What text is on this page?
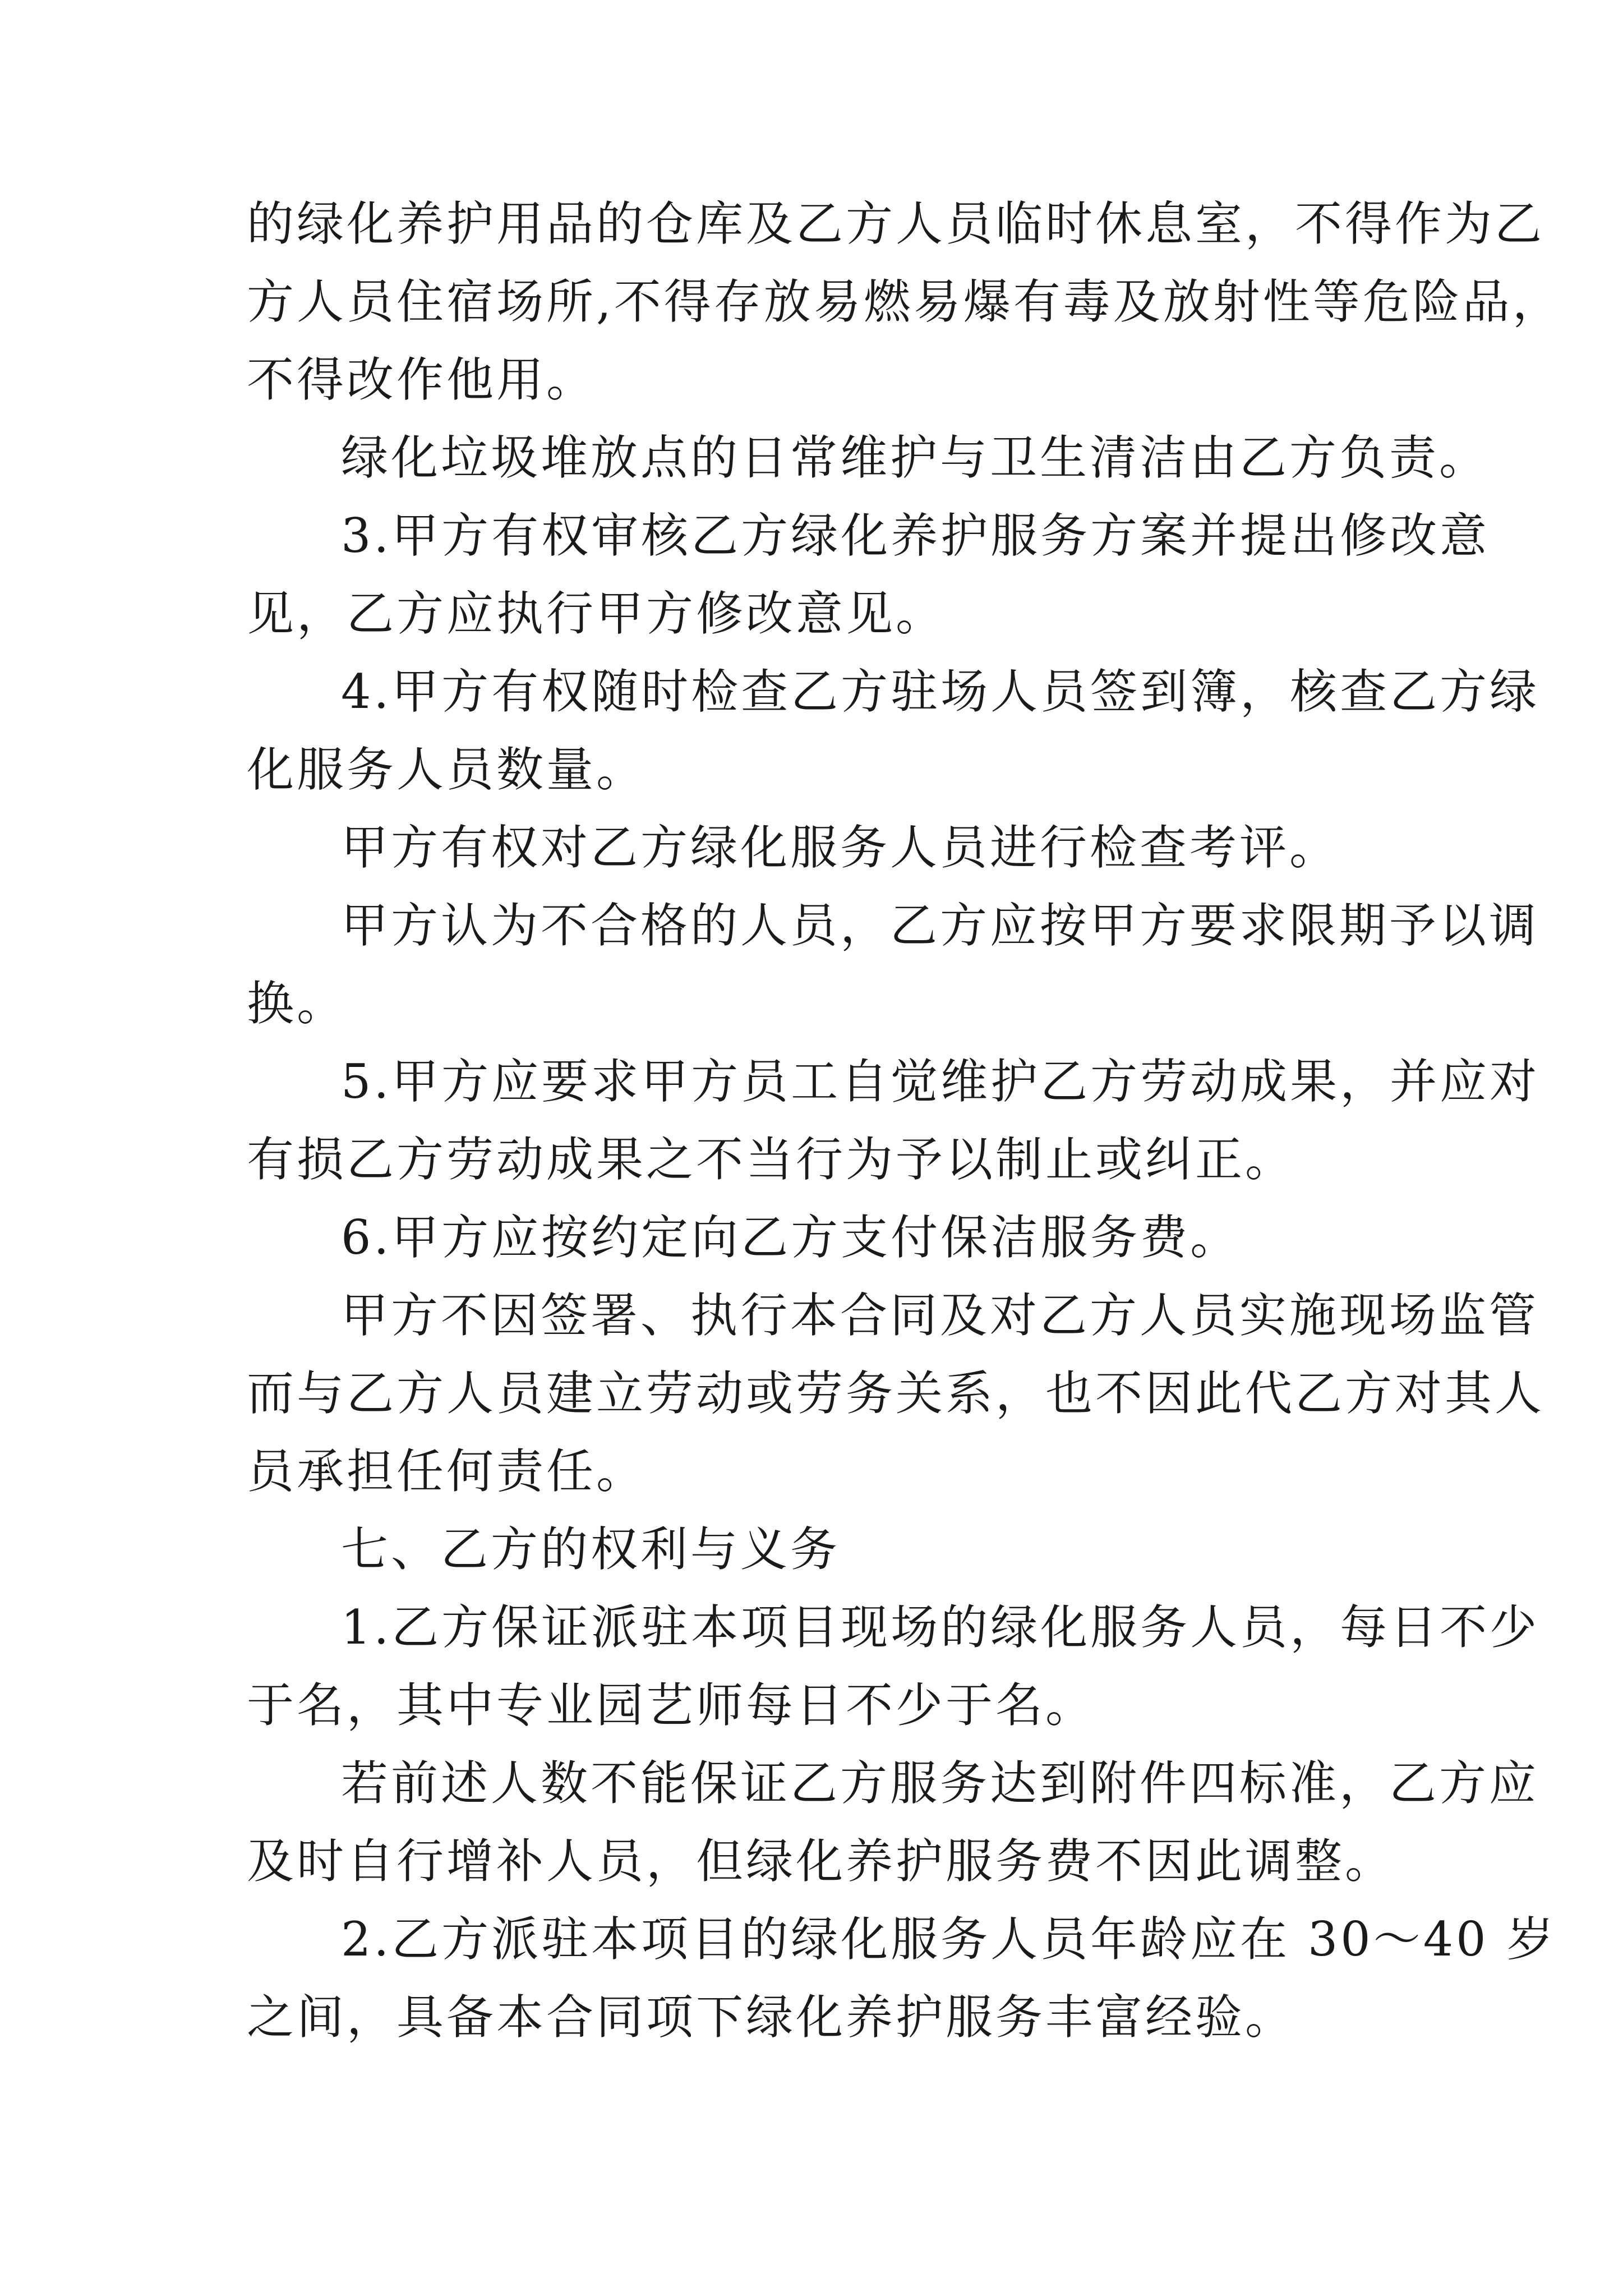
的绿化养护用品的仓库及乙方人员临时休息室，不得作为乙
方人员住宿场所,不得存放易燃易爆有毒及放射性等危险品，
不得改作他用。

绿化垃圾堆放点的日常维护与卫生清洁由乙方负责。

3.甲方有权审核乙方绿化养护服务方案并提出修改意
见，乙方应执行甲方修改意见。

4.甲方有权随时检查乙方驻场人员签到簿，核查乙方绿
化服务人员数量。

甲方有权对乙方绿化服务人员进行检查考评。

甲方认为不合格的人员，乙方应按甲方要求限期予以调
换。

5.甲方应要求甲方员工自觉维护乙方劳动成果，并应对
有损乙方劳动成果之不当行为予以制止或纠正。

6.甲方应按约定向乙方支付保洁服务费。

甲方不因签署、执行本合同及对乙方人员实施现场监管
而与乙方人员建立劳动或劳务关系，也不因此代乙方对其人
员承担任何责任。

七、乙方的权利与义务

1.乙方保证派驻本项目现场的绿化服务人员，每日不少
于名，其中专业园艺师每日不少于名。

若前述人数不能保证乙方服务达到附件四标准，乙方应
及时自行增补人员，但绿化养护服务费不因此调整。

2.乙方派驻本项目的绿化服务人员年龄应在 30～40 岁
之间，具备本合同项下绿化养护服务丰富经验。
